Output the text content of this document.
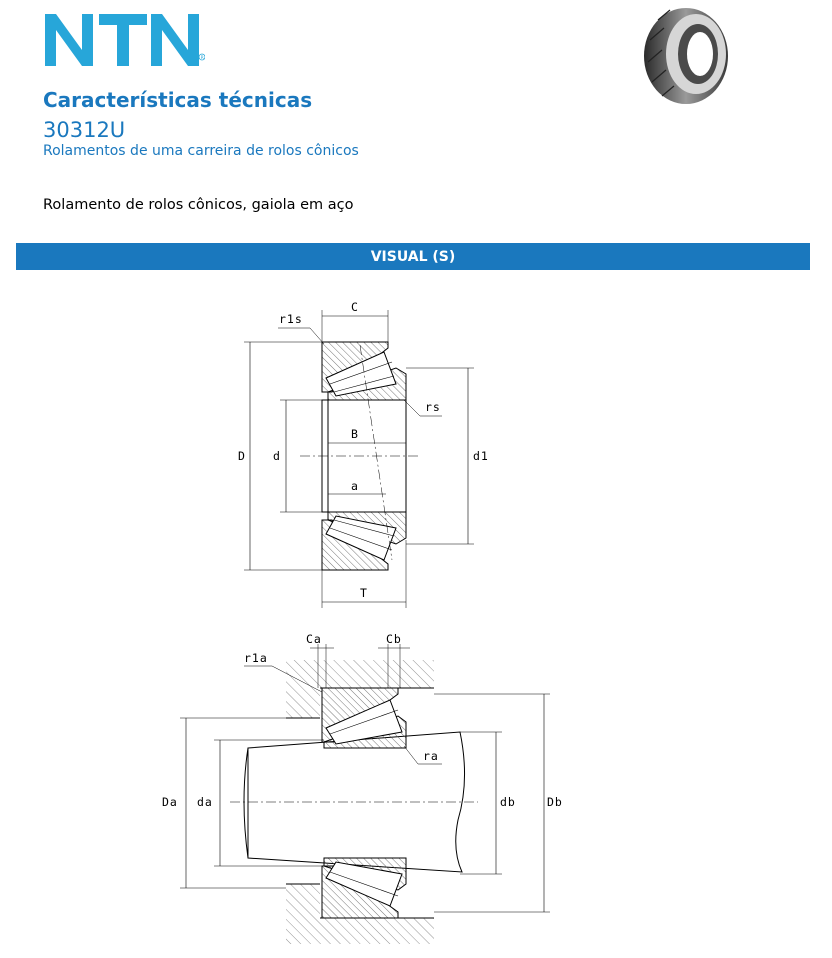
R
Características técnicas
30312U
Rolamentos de uma carreira de rolos cônicos
Rolamento de rolos cônicos, gaiola em aço
VISUAL (S)
r1s
C
rs
D d
B
d1
a
T
Ca	Cb
r1a
ra
Da da	db	Db
